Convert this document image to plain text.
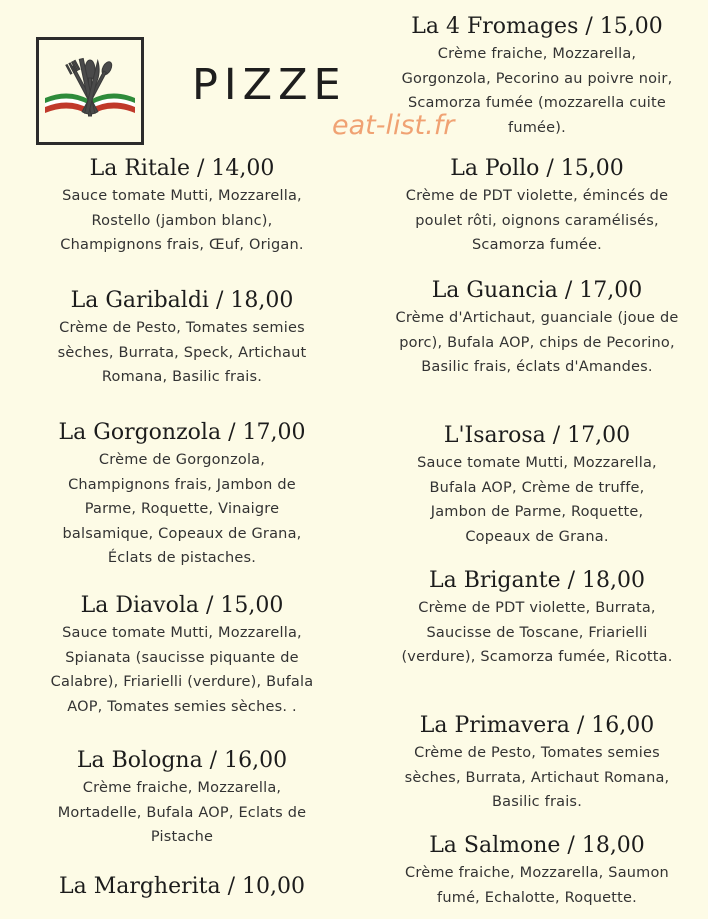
PIZZE
eat-list.fr
La Ritale / 14,00
Sauce tomate Mutti, Mozzarella, Rostello (jambon blanc), Champignons frais, Œuf, Origan.
La Garibaldi / 18,00
Crème de Pesto, Tomates semies sèches, Burrata, Speck, Artichaut Romana, Basilic frais.
La Gorgonzola / 17,00
Crème de Gorgonzola, Champignons frais, Jambon de Parme, Roquette, Vinaigre balsamique, Copeaux de Grana, Éclats de pistaches.
La Diavola / 15,00
Sauce tomate Mutti, Mozzarella, Spianata (saucisse piquante de Calabre), Friarielli (verdure), Bufala AOP, Tomates semies sèches. .
La Bologna / 16,00
Crème fraiche, Mozzarella, Mortadelle, Bufala AOP, Eclats de Pistache
La Margherita / 10,00
La 4 Fromages / 15,00
Crème fraiche, Mozzarella, Gorgonzola, Pecorino au poivre noir, Scamorza fumée (mozzarella cuite fumée).
La Pollo / 15,00
Crème de PDT violette, émincés de poulet rôti, oignons caramélisés, Scamorza fumée.
La Guancia / 17,00
Crème d'Artichaut, guanciale (joue de porc), Bufala AOP, chips de Pecorino, Basilic frais, éclats d'Amandes.
L'Isarosa / 17,00
Sauce tomate Mutti, Mozzarella, Bufala AOP, Crème de truffe, Jambon de Parme, Roquette, Copeaux de Grana.
La Brigante / 18,00
Crème de PDT violette, Burrata, Saucisse de Toscane, Friarielli (verdure), Scamorza fumée, Ricotta.
La Primavera / 16,00
Crème de Pesto, Tomates semies sèches, Burrata, Artichaut Romana, Basilic frais.
La Salmone / 18,00
Crème fraiche, Mozzarella, Saumon fumé, Echalotte, Roquette.
